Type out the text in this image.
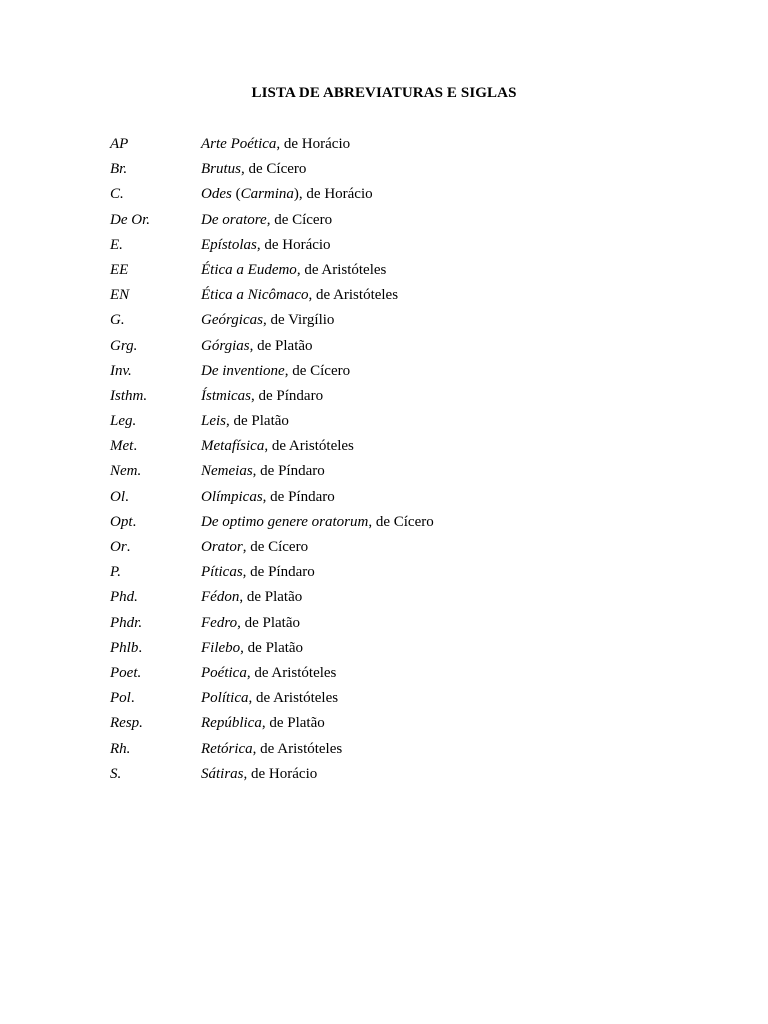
LISTA DE ABREVIATURAS E SIGLAS
AP	Arte Poética, de Horácio
Br.	Brutus, de Cícero
C.	Odes (Carmina), de Horácio
De Or.	De oratore, de Cícero
E.	Epístolas, de Horácio
EE	Ética a Eudemo, de Aristóteles
EN	Ética a Nicômaco, de Aristóteles
G.	Geórgicas, de Virgílio
Grg.	Górgias, de Platão
Inv.	De inventione, de Cícero
Isthm.	Ístmicas, de Píndaro
Leg.	Leis, de Platão
Met.	Metafísica, de Aristóteles
Nem.	Nemeias, de Píndaro
Ol.	Olímpicas, de Píndaro
Opt.	De optimo genere oratorum, de Cícero
Or.	Orator, de Cícero
P.	Píticas, de Píndaro
Phd.	Fédon, de Platão
Phdr.	Fedro, de Platão
Phlb.	Filebo, de Platão
Poet.	Poética, de Aristóteles
Pol.	Política, de Aristóteles
Resp.	República, de Platão
Rh.	Retórica, de Aristóteles
S.	Sátiras, de Horácio
